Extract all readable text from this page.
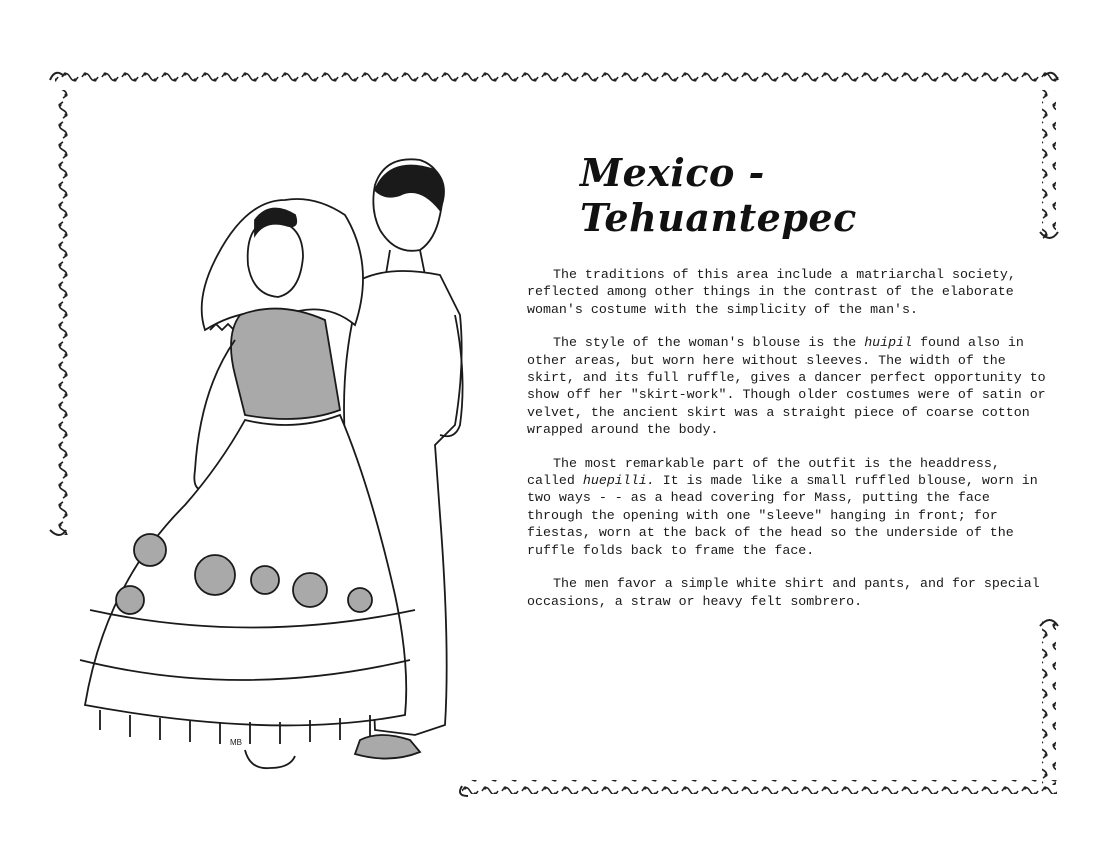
MB
Mexico - Tehuantepec

The traditions of this area include a matriarchal society, reflected among other things in the contrast of the elaborate woman's costume with the simplicity of the man's.

The style of the woman's blouse is the huipil found also in other areas, but worn here without sleeves. The width of the skirt, and its full ruffle, gives a dancer perfect opportunity to show off her "skirt-work". Though older costumes were of satin or velvet, the ancient skirt was a straight piece of coarse cotton wrapped around the body.

The most remarkable part of the outfit is the headdress, called huepilli. It is made like a small ruffled blouse, worn in two ways - - as a head covering for Mass, putting the face through the opening with one "sleeve" hanging in front; for fiestas, worn at the back of the head so the underside of the ruffle folds back to frame the face.

The men favor a simple white shirt and pants, and for special occasions, a straw or heavy felt sombrero.
